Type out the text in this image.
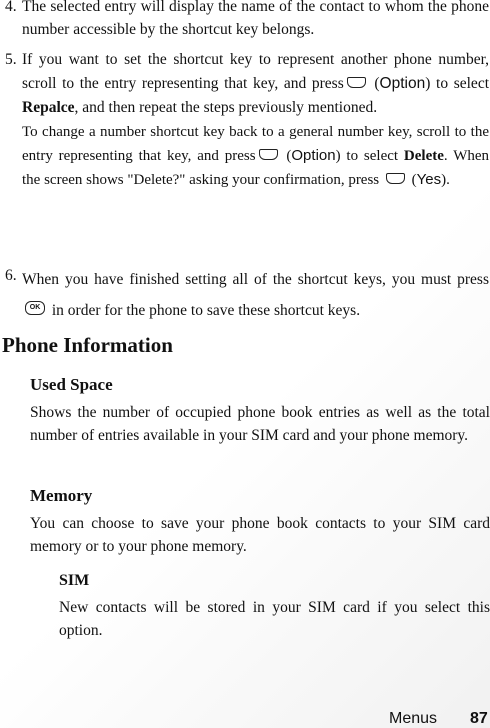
4. The selected entry will display the name of the contact to whom the phone number accessible by the shortcut key belongs.
5. If you want to set the shortcut key to represent another phone number, scroll to the entry representing that key, and press (Option) to select Repalce, and then repeat the steps previously mentioned.
To change a number shortcut key back to a general number key, scroll to the entry representing that key, and press (Option) to select Delete. When the screen shows "Delete?" asking your confirmation, press  (Yes).
6. When you have finished setting all of the shortcut keys, you must press OK in order for the phone to save these shortcut keys.
Phone Information
Used Space
Shows the number of occupied phone book entries as well as the total number of entries available in your SIM card and your phone memory.
Memory
You can choose to save your phone book contacts to your SIM card memory or to your phone memory.
SIM
New contacts will be stored in your SIM card if you select this option.
Menus 87
